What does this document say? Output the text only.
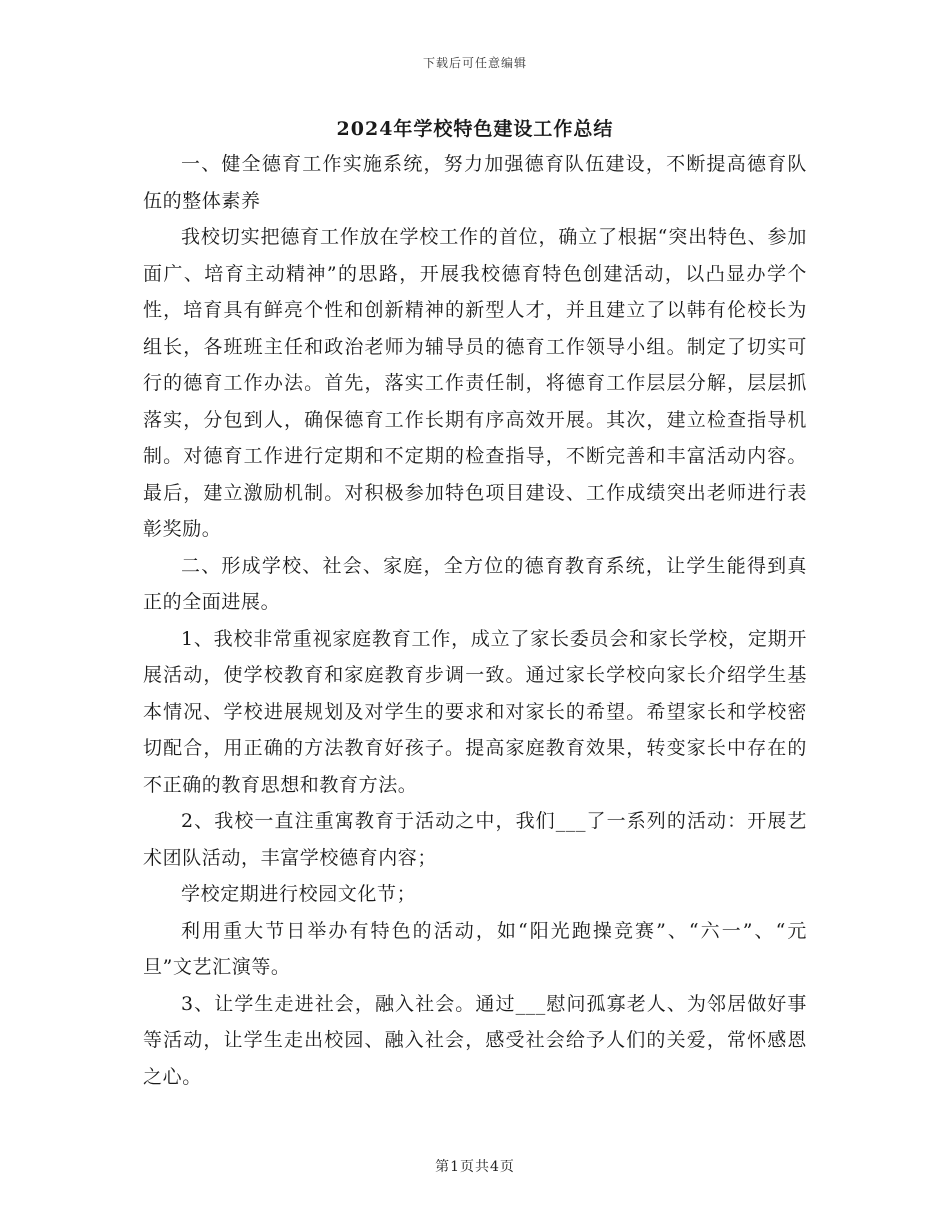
下载后可任意编辑
2024年学校特色建设工作总结

一、健全德育工作实施系统，努力加强德育队伍建设，不断提高德育队伍的整体素养

我校切实把德育工作放在学校工作的首位，确立了根据“突出特色、参加面广、培育主动精神”的思路，开展我校德育特色创建活动，以凸显办学个性，培育具有鲜亮个性和创新精神的新型人才，并且建立了以韩有伦校长为组长，各班班主任和政治老师为辅导员的德育工作领导小组。制定了切实可行的德育工作办法。首先，落实工作责任制，将德育工作层层分解，层层抓落实，分包到人，确保德育工作长期有序高效开展。其次，建立检查指导机制。对德育工作进行定期和不定期的检查指导，不断完善和丰富活动内容。最后，建立激励机制。对积极参加特色项目建设、工作成绩突出老师进行表彰奖励。

二、形成学校、社会、家庭，全方位的德育教育系统，让学生能得到真正的全面进展。

1、我校非常重视家庭教育工作，成立了家长委员会和家长学校，定期开展活动，使学校教育和家庭教育步调一致。通过家长学校向家长介绍学生基本情况、学校进展规划及对学生的要求和对家长的希望。希望家长和学校密切配合，用正确的方法教育好孩子。提高家庭教育效果，转变家长中存在的不正确的教育思想和教育方法。

2、我校一直注重寓教育于活动之中，我们___了一系列的活动：开展艺术团队活动，丰富学校德育内容；

学校定期进行校园文化节；

利用重大节日举办有特色的活动，如“阳光跑操竞赛”、“六一”、“元旦”文艺汇演等。

3、让学生走进社会，融入社会。通过___慰问孤寡老人、为邻居做好事等活动，让学生走出校园、融入社会，感受社会给予人们的关爱，常怀感恩之心。

第1页共4页
